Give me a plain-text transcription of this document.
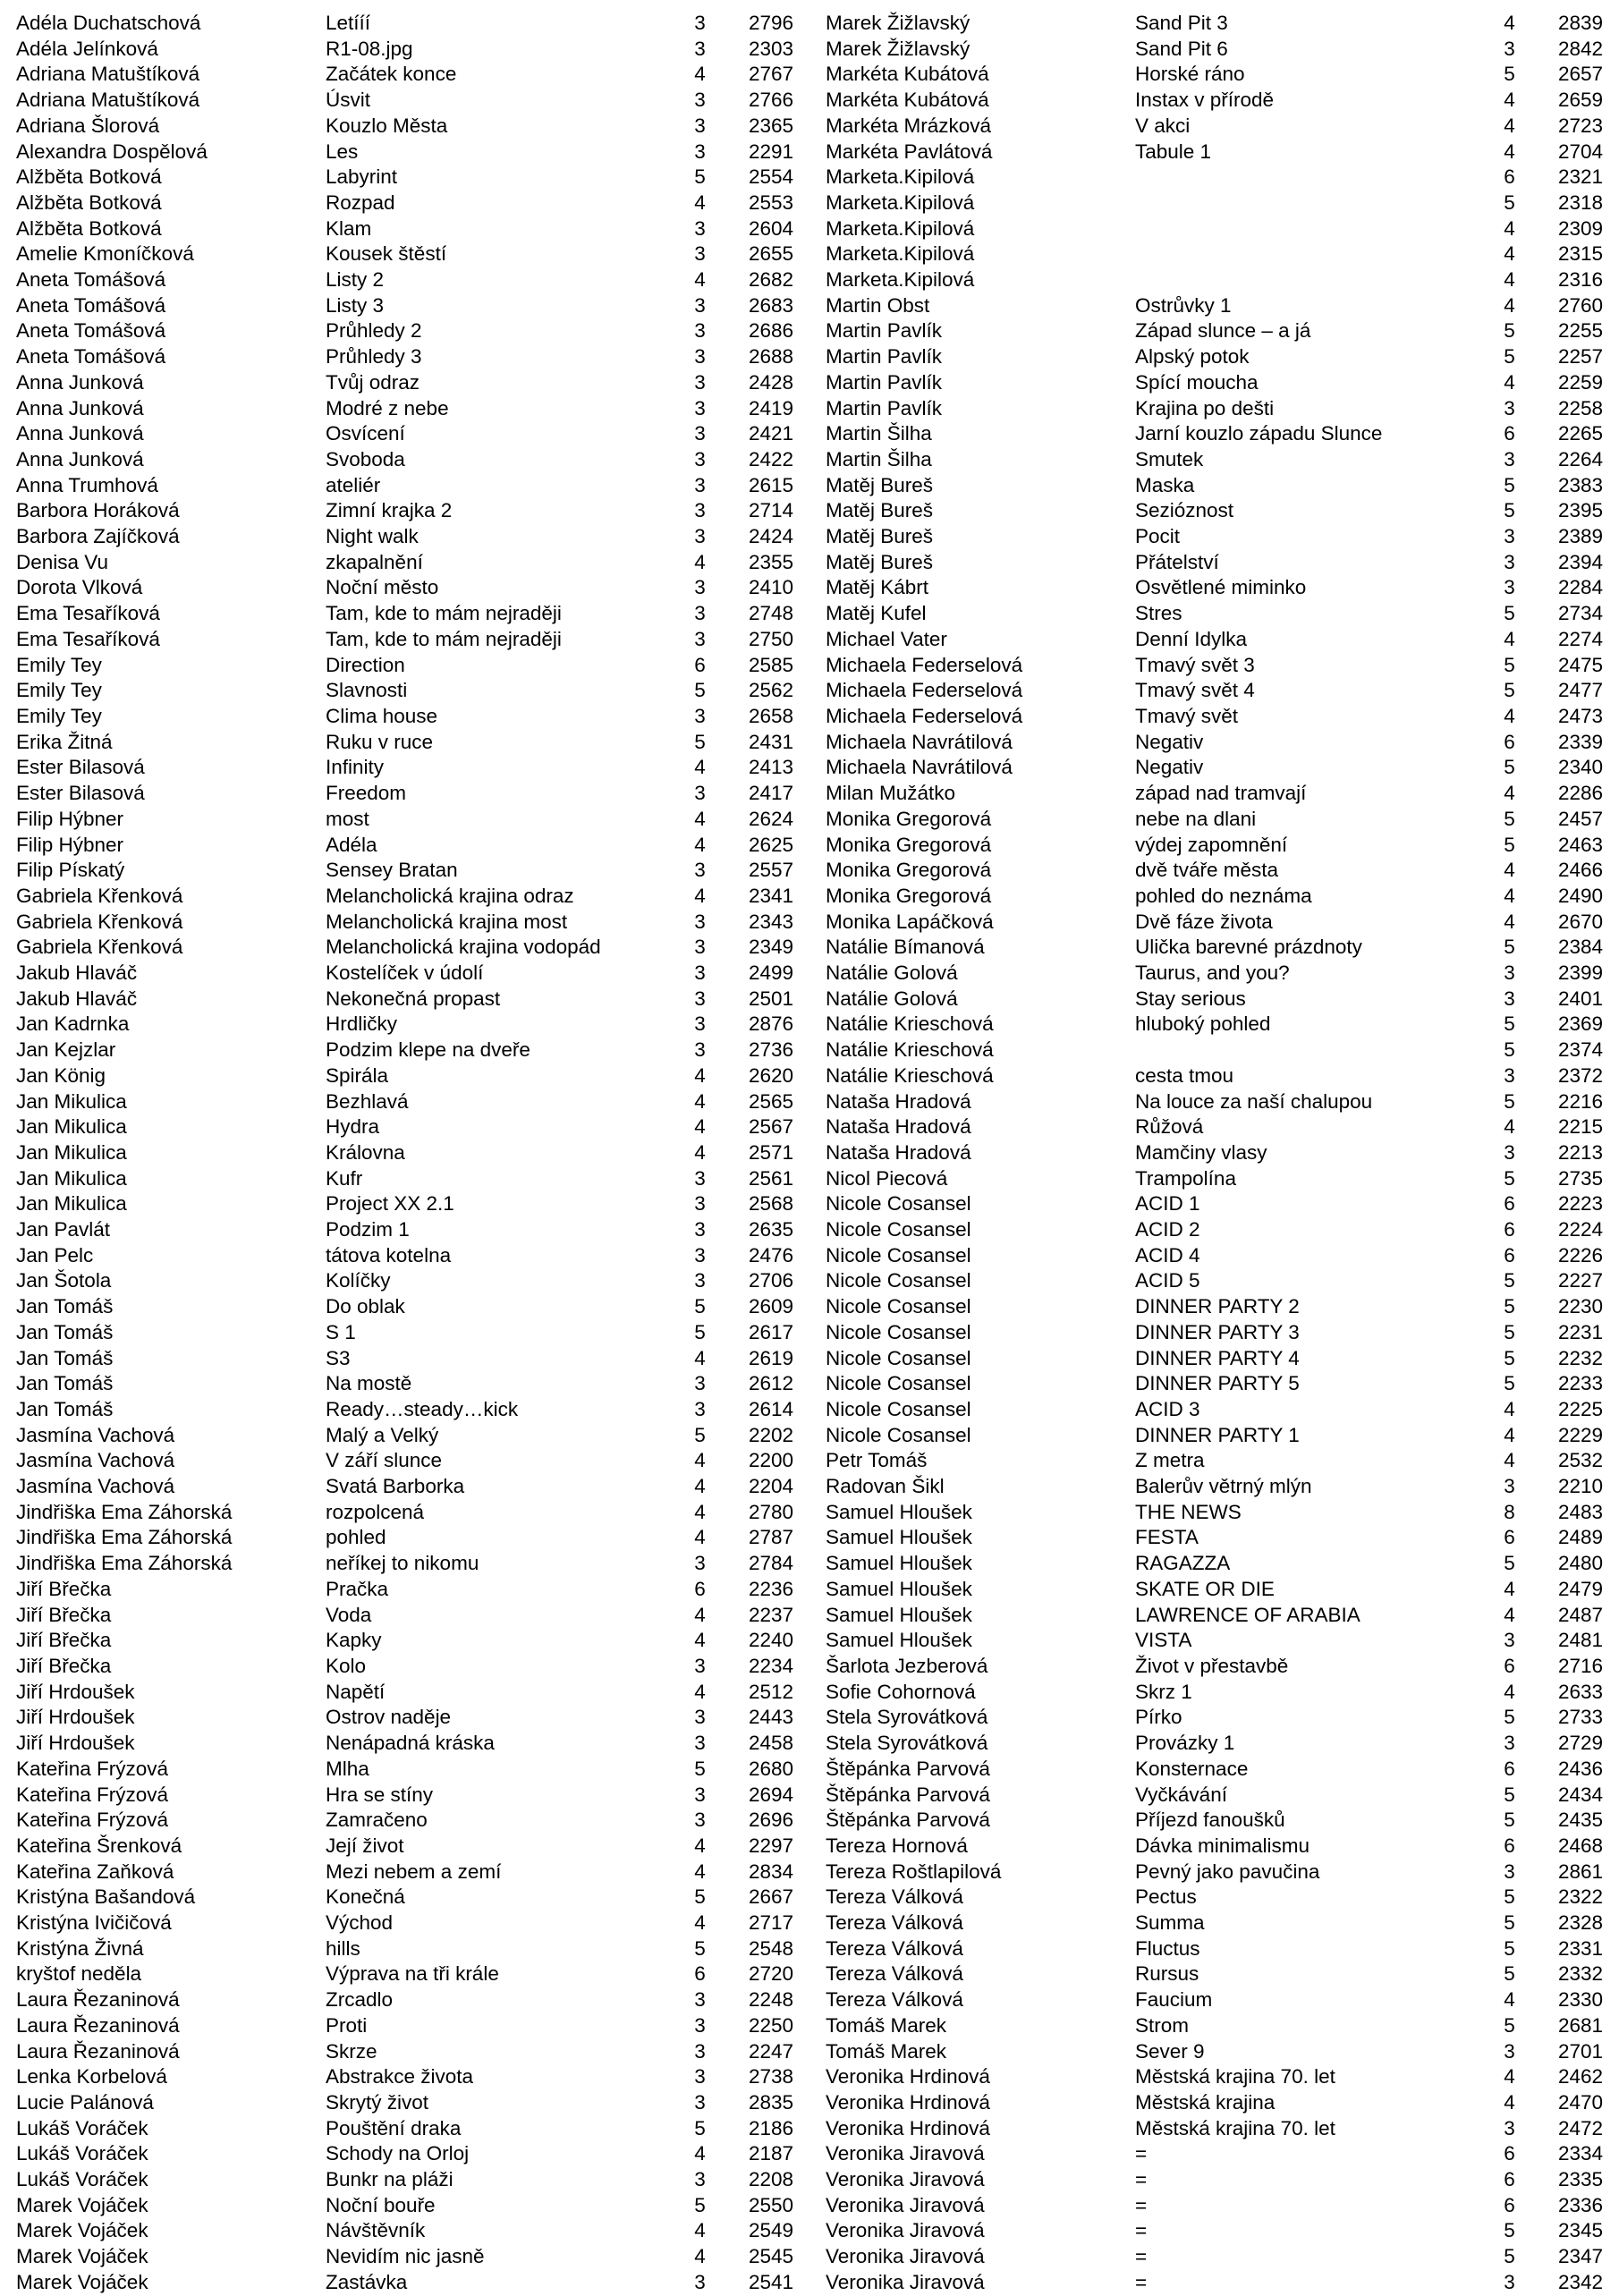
Adéla Duchatschová	Letííí	3	2796
Adéla Jelínková	R1-08.jpg	3	2303
Adriana Matuštíková	Začátek konce	4	2767
Adriana Matuštíková	Úsvit	3	2766
Adriana Šlorová	Kouzlo Města	3	2365
Alexandra Dospělová	Les	3	2291
Alžběta Botková	Labyrint	5	2554
Alžběta Botková	Rozpad	4	2553
Alžběta Botková	Klam	3	2604
Amelie Kmoníčková	Kousek štěstí	3	2655
Aneta Tomášová	Listy 2	4	2682
Aneta Tomášová	Listy 3	3	2683
Aneta Tomášová	Průhledy 2	3	2686
Aneta Tomášová	Průhledy 3	3	2688
Anna Junková	Tvůj odraz	3	2428
Anna Junková	Modré z nebe	3	2419
Anna Junková	Osvícení	3	2421
Anna Junková	Svoboda	3	2422
Anna Trumhová	ateliér	3	2615
Barbora Horáková	Zimní krajka 2	3	2714
Barbora Zajíčková	Night walk	3	2424
Denisa Vu	zkapalnění	4	2355
Dorota Vlková	Noční město	3	2410
Ema Tesaříková	Tam, kde to mám nejraději	3	2748
Ema Tesaříková	Tam, kde to mám nejraději	3	2750
Emily Tey	Direction	6	2585
Emily Tey	Slavnosti	5	2562
Emily Tey	Clima house	3	2658
Erika Žitná	Ruku v ruce	5	2431
Ester Bilasová	Infinity	4	2413
Ester Bilasová	Freedom	3	2417
Filip Hýbner	most	4	2624
Filip Hýbner	Adéla	4	2625
Filip Pískatý	Sensey Bratan	3	2557
Gabriela Křenková	Melancholická krajina odraz	4	2341
Gabriela Křenková	Melancholická krajina most	3	2343
Gabriela Křenková	Melancholická krajina vodopád	3	2349
Jakub Hlaváč	Kostelíček v údolí	3	2499
Jakub Hlaváč	Nekonečná propast	3	2501
Jan Kadrnka	Hrdličky	3	2876
Jan Kejzlar	Podzim klepe na dveře	3	2736
Jan König	Spirála	4	2620
Jan Mikulica	Bezhlavá	4	2565
Jan Mikulica	Hydra	4	2567
Jan Mikulica	Královna	4	2571
Jan Mikulica	Kufr	3	2561
Jan Mikulica	Project XX 2.1	3	2568
Jan Pavlát	Podzim 1	3	2635
Jan Pelc	tátova kotelna	3	2476
Jan Šotola	Kolíčky	3	2706
Jan Tomáš	Do oblak	5	2609
Jan Tomáš	S 1	5	2617
Jan Tomáš	S3	4	2619
Jan Tomáš	Na mostě	3	2612
Jan Tomáš	Ready…steady…kick	3	2614
Jasmína Vachová	Malý a Velký	5	2202
Jasmína Vachová	V září slunce	4	2200
Jasmína Vachová	Svatá Barborka	4	2204
Jindřiška Ema Záhorská	rozpolcená	4	2780
Jindřiška Ema Záhorská	pohled	4	2787
Jindřiška Ema Záhorská	neříkej to nikomu	3	2784
Jiří Břečka	Pračka	6	2236
Jiří Břečka	Voda	4	2237
Jiří Břečka	Kapky	4	2240
Jiří Břečka	Kolo	3	2234
Jiří Hrdoušek	Napětí	4	2512
Jiří Hrdoušek	Ostrov naděje	3	2443
Jiří Hrdoušek	Nenápadná kráska	3	2458
Kateřina Frýzová	Mlha	5	2680
Kateřina Frýzová	Hra se stíny	3	2694
Kateřina Frýzová	Zamračeno	3	2696
Kateřina Šrenková	Její život	4	2297
Kateřina Zaňková	Mezi nebem a zemí	4	2834
Kristýna Bašandová	Konečná	5	2667
Kristýna Ivičičová	Východ	4	2717
Kristýna Živná	hills	5	2548
kryštof neděla	Výprava na tři krále	6	2720
Laura Řezaninová	Zrcadlo	3	2248
Laura Řezaninová	Proti	3	2250
Laura Řezaninová	Skrze	3	2247
Lenka Korbelová	Abstrakce života	3	2738
Lucie Palánová	Skrytý život	3	2835
Lukáš Voráček	Pouštění draka	5	2186
Lukáš Voráček	Schody na Orloj	4	2187
Lukáš Voráček	Bunkr na pláži	3	2208
Marek Vojáček	Noční bouře	5	2550
Marek Vojáček	Návštěvník	4	2549
Marek Vojáček	Nevidím nic jasně	4	2545
Marek Vojáček	Zastávka	3	2541
Marek Žižlavský	Sand Pit 3	4	2839
Marek Žižlavský	Sand Pit 6	3	2842
Markéta Kubátová	Horské ráno	5	2657
Markéta Kubátová	Instax v přírodě	4	2659
Markéta Mrázková	V akci	4	2723
Markéta Pavlátová	Tabule 1	4	2704
Marketa.Kipilová		6	2321
Marketa.Kipilová		5	2318
Marketa.Kipilová		4	2309
Marketa.Kipilová		4	2315
Marketa.Kipilová		4	2316
Martin Obst	Ostrůvky 1	4	2760
Martin Pavlík	Západ slunce – a já	5	2255
Martin Pavlík	Alpský potok	5	2257
Martin Pavlík	Spící moucha	4	2259
Martin Pavlík	Krajina po dešti	3	2258
Martin Šilha	Jarní kouzlo západu Slunce	6	2265
Martin Šilha	Smutek	3	2264
Matěj Bureš	Maska	5	2383
Matěj Bureš	Sezióznost	5	2395
Matěj Bureš	Pocit	3	2389
Matěj Bureš	Přátelství	3	2394
Matěj Kábrt	Osvětlené miminko	3	2284
Matěj Kufel	Stres	5	2734
Michael Vater	Denní Idylka	4	2274
Michaela Federselová	Tmavý svět 3	5	2475
Michaela Federselová	Tmavý svět 4	5	2477
Michaela Federselová	Tmavý svět	4	2473
Michaela Navrátilová	Negativ	6	2339
Michaela Navrátilová	Negativ	5	2340
Milan Mužátko	západ nad tramvají	4	2286
Monika Gregorová	nebe na dlani	5	2457
Monika Gregorová	výdej zapomnění	5	2463
Monika Gregorová	dvě tváře města	4	2466
Monika Gregorová	pohled do neznáma	4	2490
Monika Lapáčková	Dvě fáze života	4	2670
Natálie Bímanová	Ulička barevné prázdnoty	5	2384
Natálie Golová	Taurus, and you?	3	2399
Natálie Golová	Stay serious	3	2401
Natálie Krieschová	hluboký pohled	5	2369
Natálie Krieschová		5	2374
Natálie Krieschová	cesta tmou	3	2372
Nataša Hradová	Na louce za naší chalupou	5	2216
Nataša Hradová	Růžová	4	2215
Nataša Hradová	Mamčiny vlasy	3	2213
Nicol Piecová	Trampolína	5	2735
Nicole Cosansel	ACID 1	6	2223
Nicole Cosansel	ACID 2	6	2224
Nicole Cosansel	ACID 4	6	2226
Nicole Cosansel	ACID 5	5	2227
Nicole Cosansel	DINNER PARTY 2	5	2230
Nicole Cosansel	DINNER PARTY 3	5	2231
Nicole Cosansel	DINNER PARTY 4	5	2232
Nicole Cosansel	DINNER PARTY 5	5	2233
Nicole Cosansel	ACID 3	4	2225
Nicole Cosansel	DINNER PARTY 1	4	2229
Petr Tomáš	Z metra	4	2532
Radovan Šikl	Balerův větrný mlýn	3	2210
Samuel Hloušek	THE NEWS	8	2483
Samuel Hloušek	FESTA	6	2489
Samuel Hloušek	RAGAZZA	5	2480
Samuel Hloušek	SKATE OR DIE	4	2479
Samuel Hloušek	LAWRENCE OF ARABIA	4	2487
Samuel Hloušek	VISTA	3	2481
Šarlota Jezberová	Život v přestavbě	6	2716
Sofie Cohornová	Skrz 1	4	2633
Stela Syrovátková	Pírko	5	2733
Stela Syrovátková	Provázky 1	3	2729
Štěpánka Parvová	Konsternace	6	2436
Štěpánka Parvová	Vyčkávání	5	2434
Štěpánka Parvová	Příjezd fanoušků	5	2435
Tereza Hornová	Dávka minimalismu	6	2468
Tereza Roštlapilová	Pevný jako pavučina	3	2861
Tereza Válková	Pectus	5	2322
Tereza Válková	Summa	5	2328
Tereza Válková	Fluctus	5	2331
Tereza Válková	Rursus	5	2332
Tereza Válková	Faucium	4	2330
Tomáš Marek	Strom	5	2681
Tomáš Marek	Sever 9	3	2701
Veronika Hrdinová	Městská krajina 70. let	4	2462
Veronika Hrdinová	Městská krajina	4	2470
Veronika Hrdinová	Městská krajina 70. let	3	2472
Veronika Jiravová	=	6	2334
Veronika Jiravová	=	6	2335
Veronika Jiravová	=	6	2336
Veronika Jiravová	=	5	2345
Veronika Jiravová	=	5	2347
Veronika Jiravová	=	3	2342
